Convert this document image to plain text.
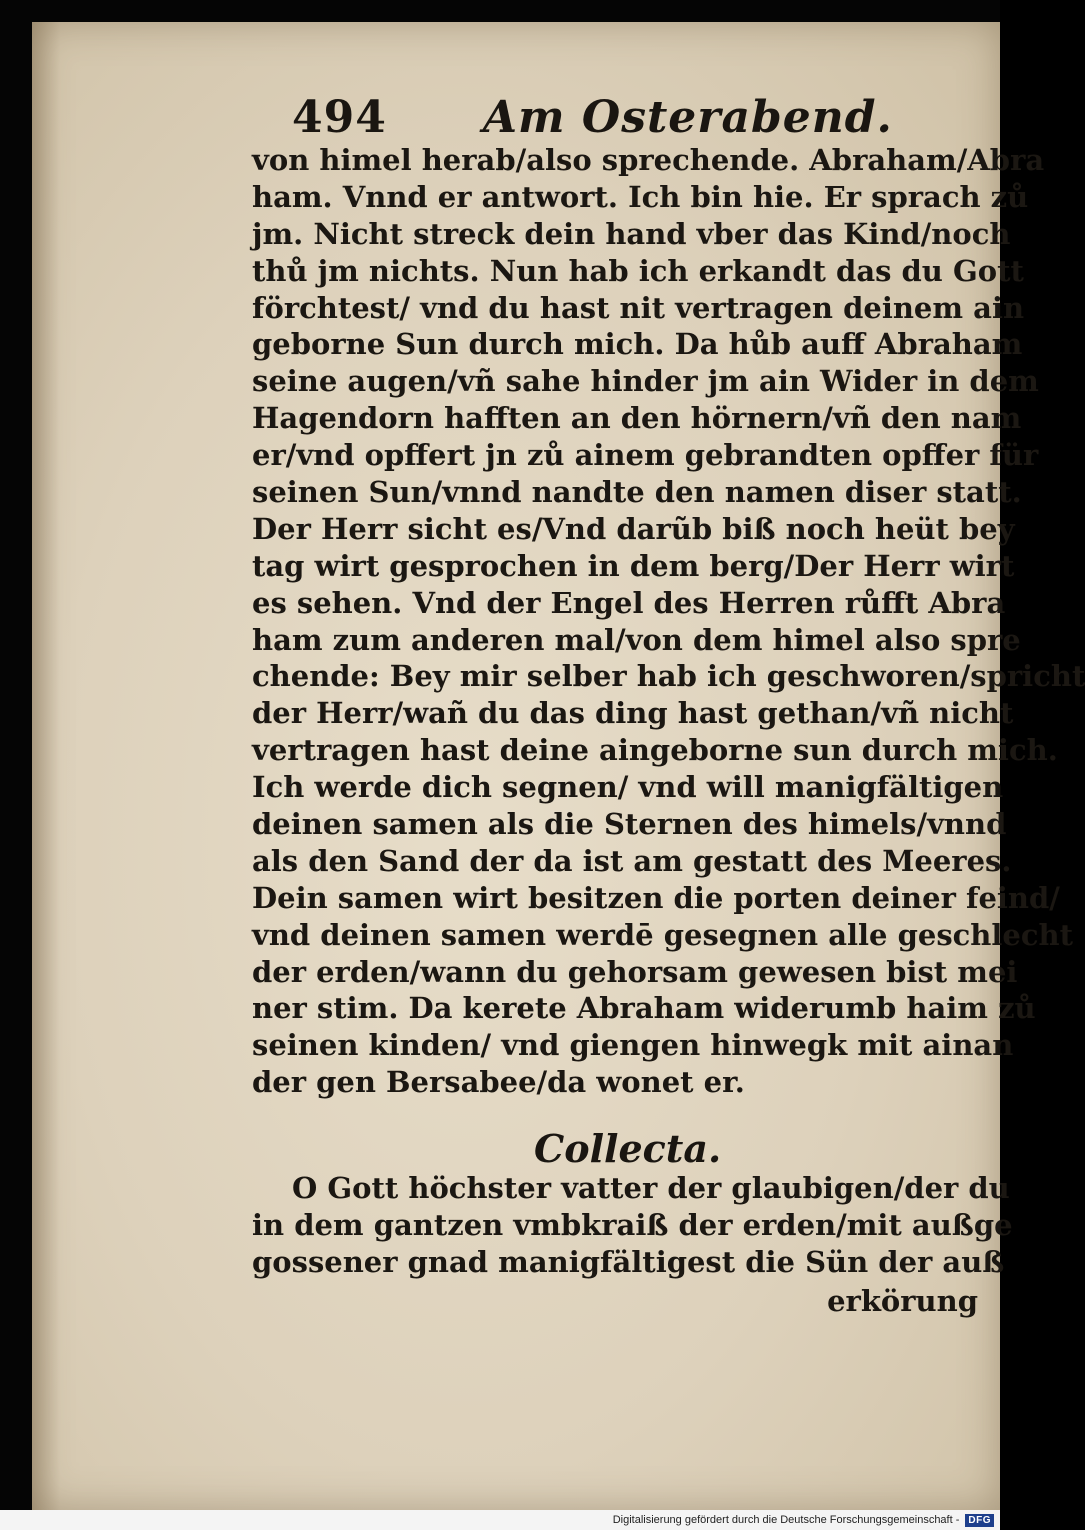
494 Am Osterabend.
von himel herab/also sprechende. Abraham/Abra
ham. Vnnd er antwort. Ich bin hie. Er sprach zů
jm. Nicht streck dein hand vber das Kind/noch
thů jm nichts. Nun hab ich erkandt das du Gott
förchtest/ vnd du hast nit vertragen deinem ain
geborne Sun durch mich. Da hůb auff Abraham
seine augen/vñ sahe hinder jm ain Wider in dem
Hagendorn hafften an den hörnern/vñ den nam
er/vnd opffert jn zů ainem gebrandten opffer für
seinen Sun/vnnd nandte den namen diser statt.
Der Herr sicht es/Vnd darũb biß noch heüt bey
tag wirt gesprochen in dem berg/Der Herr wirt
es sehen. Vnd der Engel des Herren růfft Abra
ham zum anderen mal/von dem himel also spre
chende: Bey mir selber hab ich geschworen/spricht
der Herr/wañ du das ding hast gethan/vñ nicht
vertragen hast deine aingeborne sun durch mich.
Ich werde dich segnen/ vnd will manigfältigen
deinen samen als die Sternen des himels/vnnd
als den Sand der da ist am gestatt des Meeres.
Dein samen wirt besitzen die porten deiner feind/
vnd deinen samen werdē gesegnen alle geschlecht
der erden/wann du gehorsam gewesen bist mei
ner stim. Da kerete Abraham widerumb haim zů
seinen kinden/ vnd giengen hinwegk mit ainan
der gen Bersabee/da wonet er.
Collecta.
O Gott höchster vatter der glaubigen/der du
in dem gantzen vmbkraiß der erden/mit außge
gossener gnad manigfältigest die Sün der auß
erkörung
Digitalisierung gefördert durch die Deutsche Forschungsgemeinschaft - DFG
